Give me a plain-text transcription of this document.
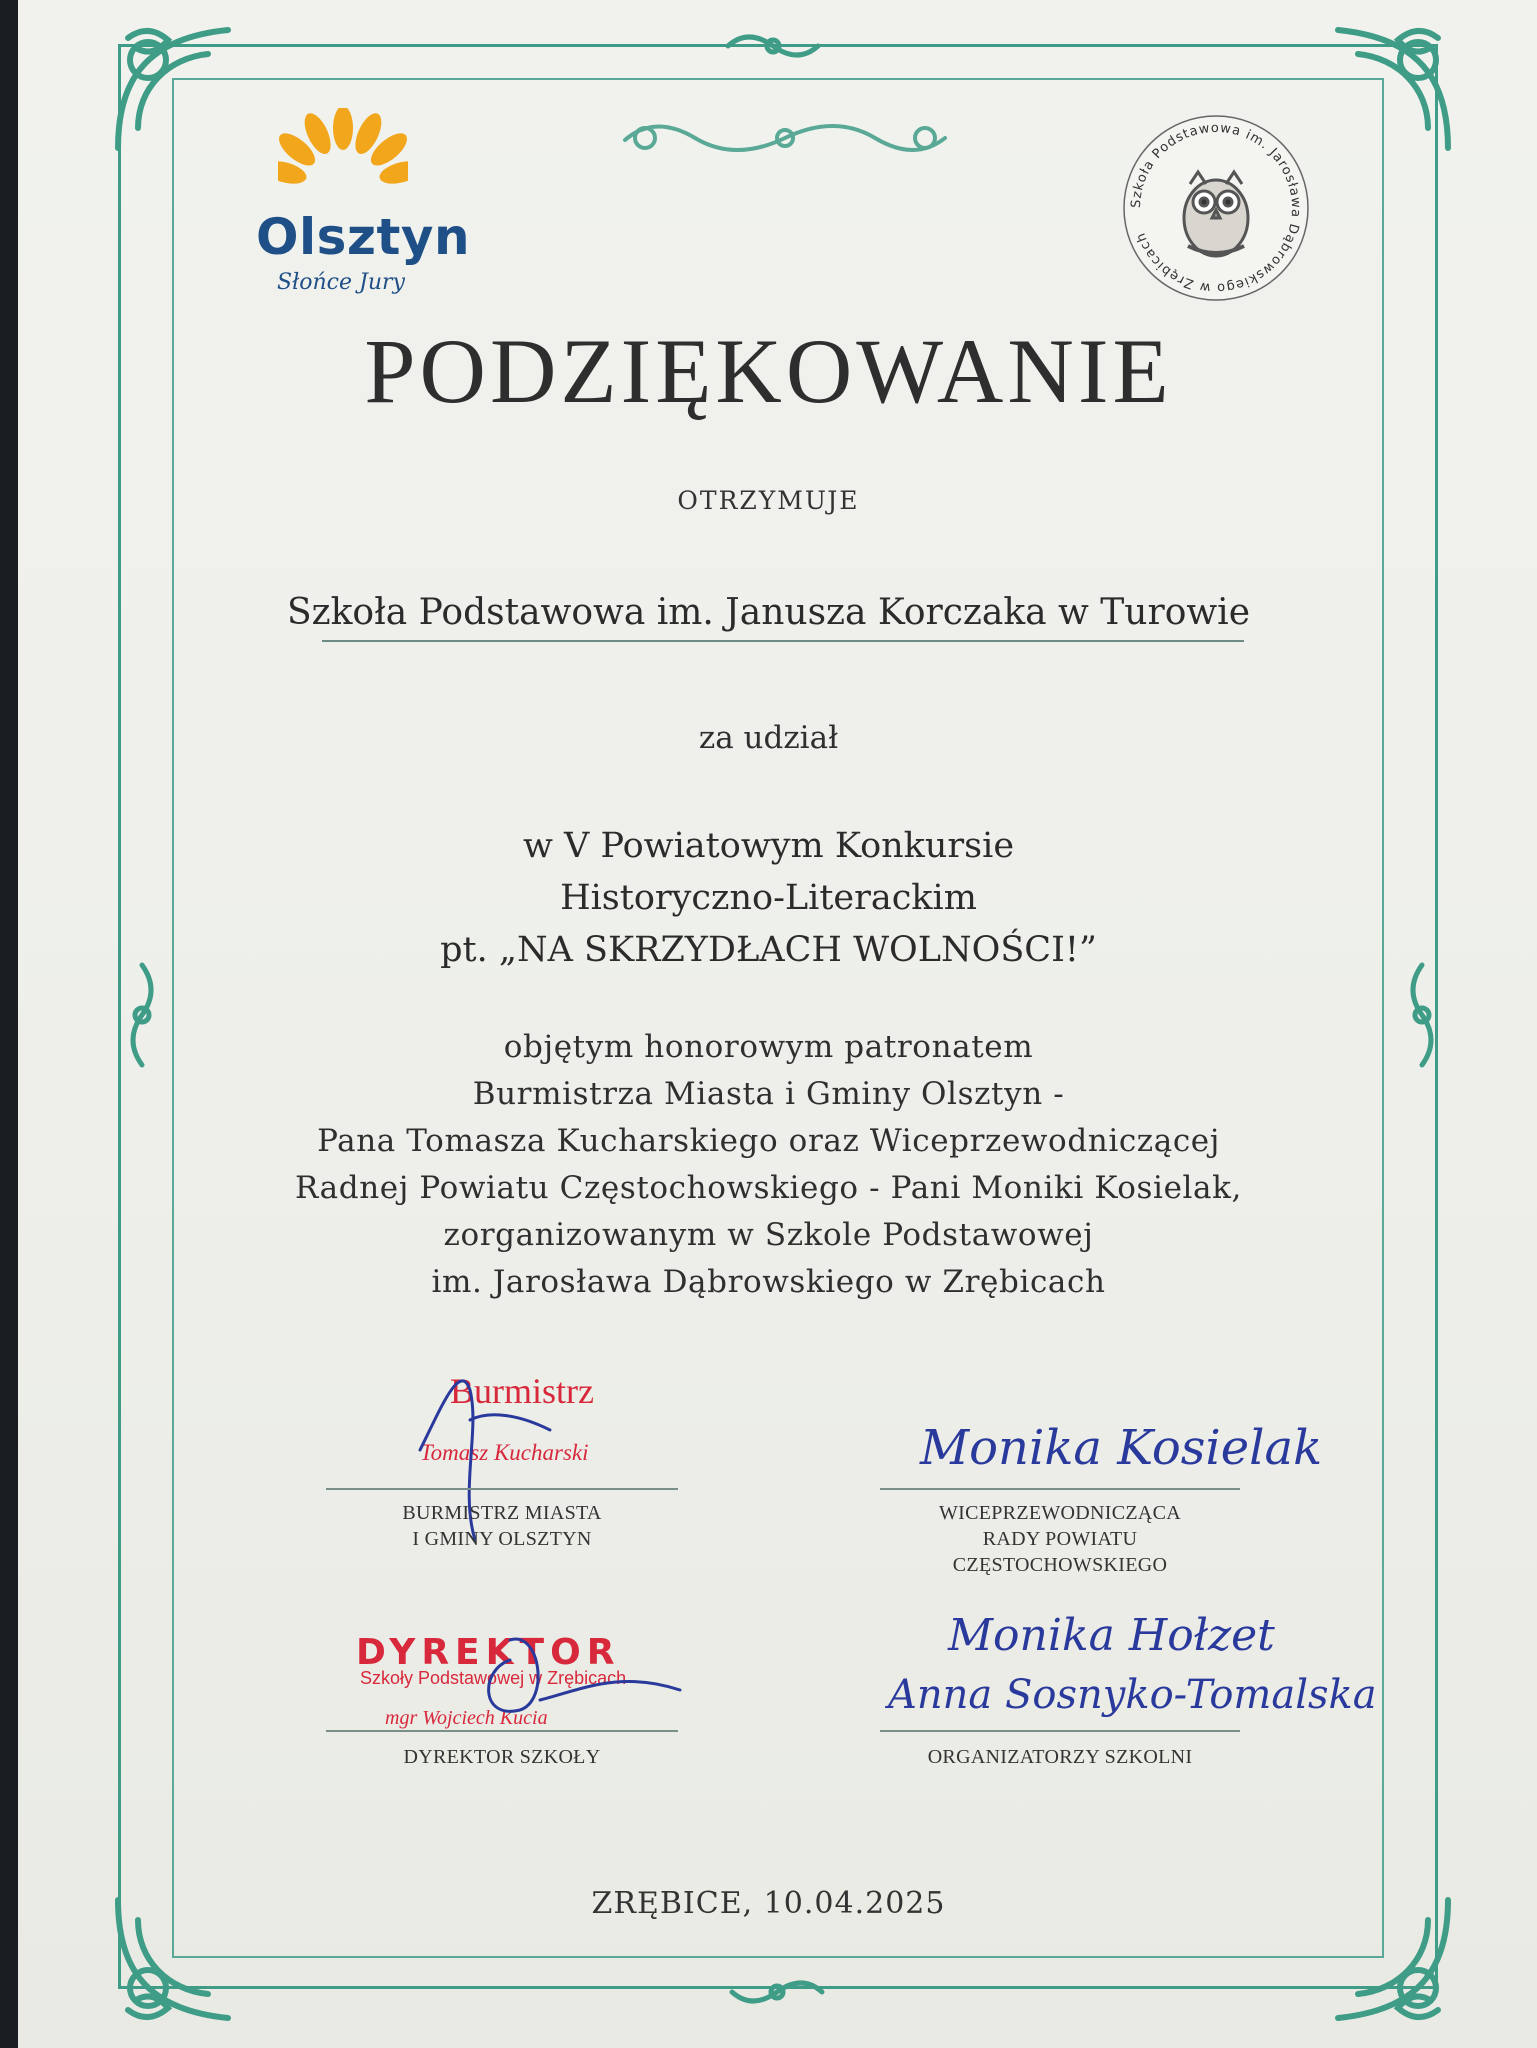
Olsztyn
Słońce Jury
Szkoła Podstawowa im. Jarosława Dąbrowskiego w Zrębicach
PODZIĘKOWANIE
OTRZYMUJE
Szkoła Podstawowa im. Janusza Korczaka w Turowie
za udział
w V Powiatowym Konkursie
Historyczno-Literackim
pt. „NA SKRZYDŁACH WOLNOŚCI!”
objętym honorowym patronatem
Burmistrza Miasta i Gminy Olsztyn -
Pana Tomasza Kucharskiego oraz Wiceprzewodniczącej
Radnej Powiatu Częstochowskiego - Pani Moniki Kosielak,
zorganizowanym w Szkole Podstawowej
im. Jarosława Dąbrowskiego w Zrębicach
Burmistrz
Tomasz Kucharski
BURMISTRZ MIASTA
I GMINY OLSZTYN
Monika Kosielak
WICEPRZEWODNICZĄCA
RADY POWIATU
CZĘSTOCHOWSKIEGO
DYREKTOR
Szkoły Podstawowej w Zrębicach
mgr Wojciech Kucia
DYREKTOR SZKOŁY
Monika Hołzet
Anna Sosnyko-Tomalska
ORGANIZATORZY SZKOLNI
ZRĘBICE, 10.04.2025
